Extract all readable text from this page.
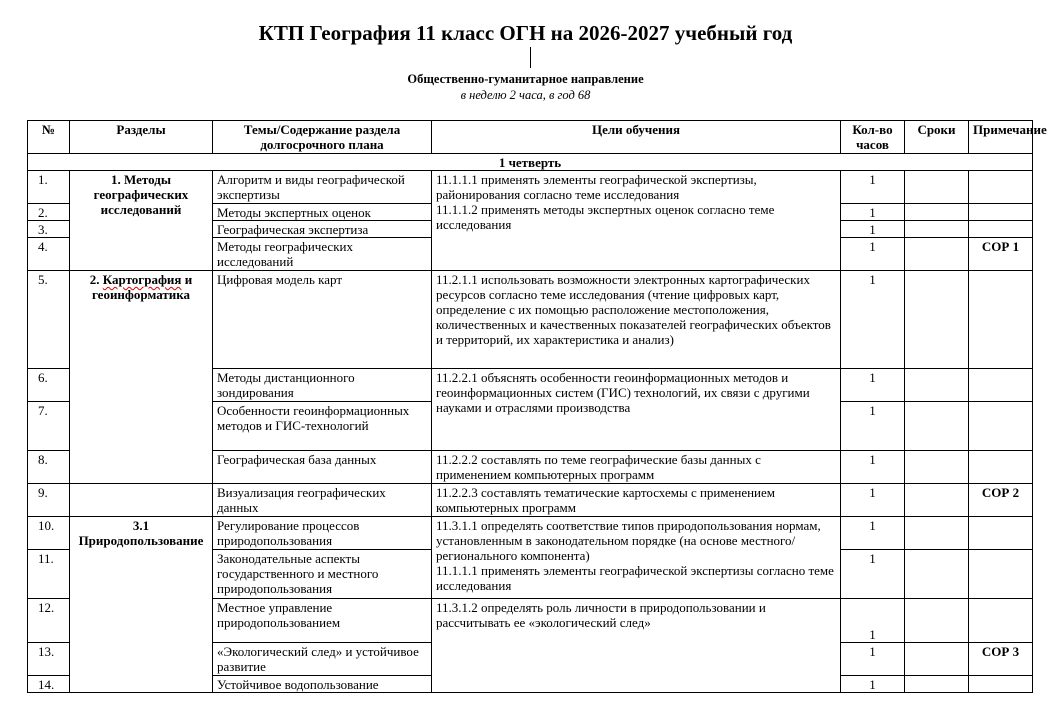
КТП География 11 класс ОГН на 2026-2027 учебный год
Общественно-гуманитарное направление
в неделю 2 часа, в год 68
№	Разделы	Темы/Содержание раздела долгосрочного плана	Цели обучения	Кол-во часов	Сроки	Примечание
1 четверть						
1.	1. Методы географических исследований	Алгоритм и виды географической экспертизы	11.1.1.1 применять элементы географической экспертизы, районирования согласно теме исследования
11.1.1.2 применять методы экспертных оценок согласно теме исследования	1		
2.		Методы экспертных оценок		1		
3.		Географическая экспертиза		1		
4.		Методы географических исследований		1		СОР 1
5.	2. Картография и геоинформатика	Цифровая модель карт	11.2.1.1 использовать возможности электронных картографических ресурсов согласно теме исследования (чтение цифровых карт, определение с их помощью расположение местоположения, количественных и качественных показателей географических объектов и территорий, их характеристика и анализ)	1		
6.		Методы дистанционного зондирования	11.2.2.1 объяснять особенности геоинформационных методов и геоинформационных систем (ГИС) технологий, их связи с другими науками и отраслями производства	1		
7.		Особенности геоинформационных методов и ГИС-технологий		1		
8.		Географическая база данных	11.2.2.2 составлять по теме географические базы данных с применением компьютерных программ	1		
9.		Визуализация географических данных	11.2.2.3 составлять тематические картосхемы с применением компьютерных программ	1		СОР 2
10.	3.1 Природопользование	Регулирование процессов природопользования	11.3.1.1 определять соответствие типов природопользования нормам, установленным в законодательном порядке (на основе местного/регионального компонента)
11.1.1.1 применять элементы географической экспертизы согласно теме исследования	1		
11.		Законодательные аспекты государственного и местного природопользования		1		
12.		Местное управление природопользованием	11.3.1.2 определять роль личности в природопользовании и рассчитывать ее «экологический след»	1		
13.		«Экологический след» и устойчивое развитие		1		СОР 3
14.		Устойчивое водопользование		1		
